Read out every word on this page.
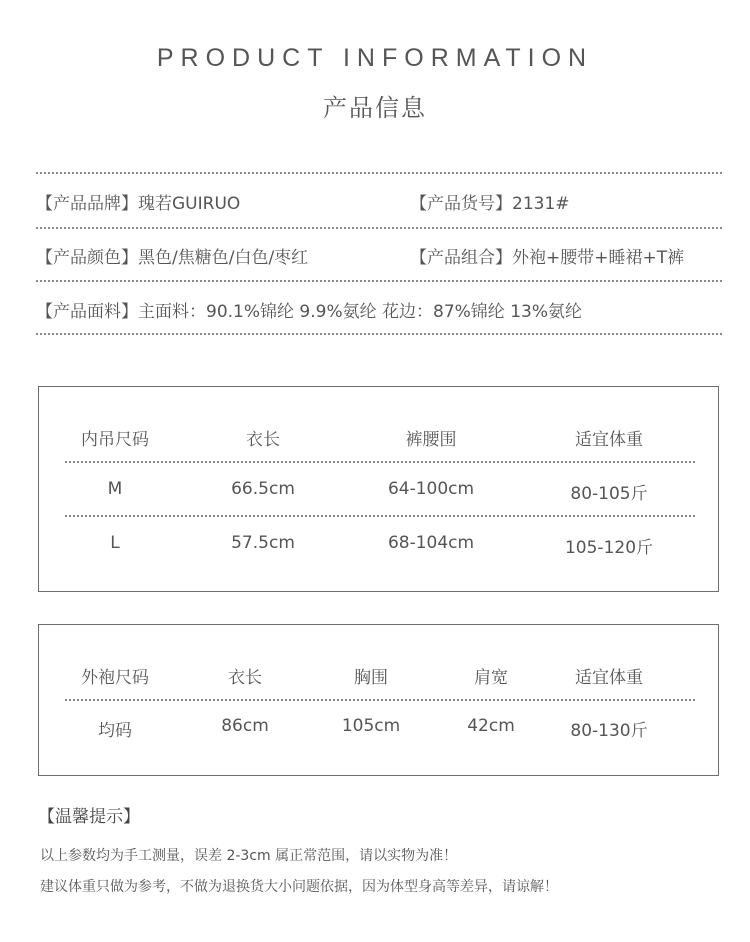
PRODUCT INFORMATION
产品信息
【产品品牌】瑰若GUIRUO	【产品货号】2131#
【产品颜色】黑色/焦糖色/白色/枣红	【产品组合】外袍+腰带+睡裙+T裤
【产品面料】主面料：90.1%锦纶 9.9%氨纶 花边：87%锦纶 13%氨纶
内吊尺码	衣长	裤腰围	适宜体重
M	66.5cm	64-100cm	80-105斤
L	57.5cm	68-104cm	105-120斤
外袍尺码	衣长	胸围	肩宽	适宜体重
均码	86cm	105cm	42cm	80-130斤
【温馨提示】
以上参数均为手工测量，误差 2-3cm 属正常范围，请以实物为准！
建议体重只做为参考，不做为退换货大小问题依据，因为体型身高等差异，请谅解！
